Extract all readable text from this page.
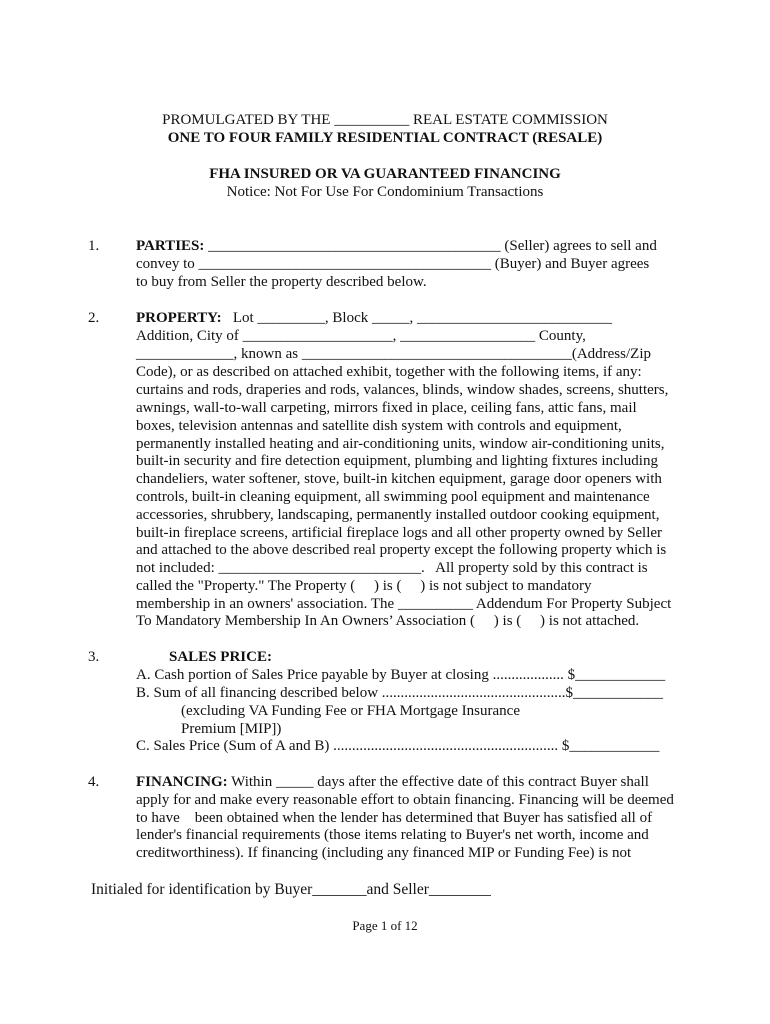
PROMULGATED BY THE __________ REAL ESTATE COMMISSION
ONE TO FOUR FAMILY RESIDENTIAL CONTRACT (RESALE)
FHA INSURED OR VA GUARANTEED FINANCING
Notice: Not For Use For Condominium Transactions
1. PARTIES: _______________________________________ (Seller) agrees to sell and
convey to _______________________________________ (Buyer) and Buyer agrees
to buy from Seller the property described below.
2. PROPERTY:   Lot _________, Block _____, __________________________
Addition, City of ____________________, __________________ County,
_____________, known as ____________________________________(Address/Zip
Code), or as described on attached exhibit, together with the following items, if any:
curtains and rods, draperies and rods, valances, blinds, window shades, screens, shutters,
awnings, wall-to-wall carpeting, mirrors fixed in place, ceiling fans, attic fans, mail
boxes, television antennas and satellite dish system with controls and equipment,
permanently installed heating and air-conditioning units, window air-conditioning units,
built-in security and fire detection equipment, plumbing and lighting fixtures including
chandeliers, water softener, stove, built-in kitchen equipment, garage door openers with
controls, built-in cleaning equipment, all swimming pool equipment and maintenance
accessories, shrubbery, landscaping, permanently installed outdoor cooking equipment,
built-in fireplace screens, artificial fireplace logs and all other property owned by Seller
and attached to the above described real property except the following property which is
not included: ___________________________.   All property sold by this contract is
called the "Property." The Property (     ) is (     ) is not subject to mandatory
membership in an owners' association. The __________ Addendum For Property Subject
To Mandatory Membership In An Owners’ Association (     ) is (     ) is not attached.
3.	SALES PRICE:
A. Cash portion of Sales Price payable by Buyer at closing ................... $____________
B. Sum of all financing described below .................................................$____________
(excluding VA Funding Fee or FHA Mortgage Insurance
Premium [MIP])
C. Sales Price (Sum of A and B) ............................................................ $____________
4. FINANCING: Within _____ days after the effective date of this contract Buyer shall
apply for and make every reasonable effort to obtain financing. Financing will be deemed
to have    been obtained when the lender has determined that Buyer has satisfied all of
lender's financial requirements (those items relating to Buyer's net worth, income and
creditworthiness). If financing (including any financed MIP or Funding Fee) is not
Initialed for identification by Buyer_______and Seller________
Page 1 of 12
